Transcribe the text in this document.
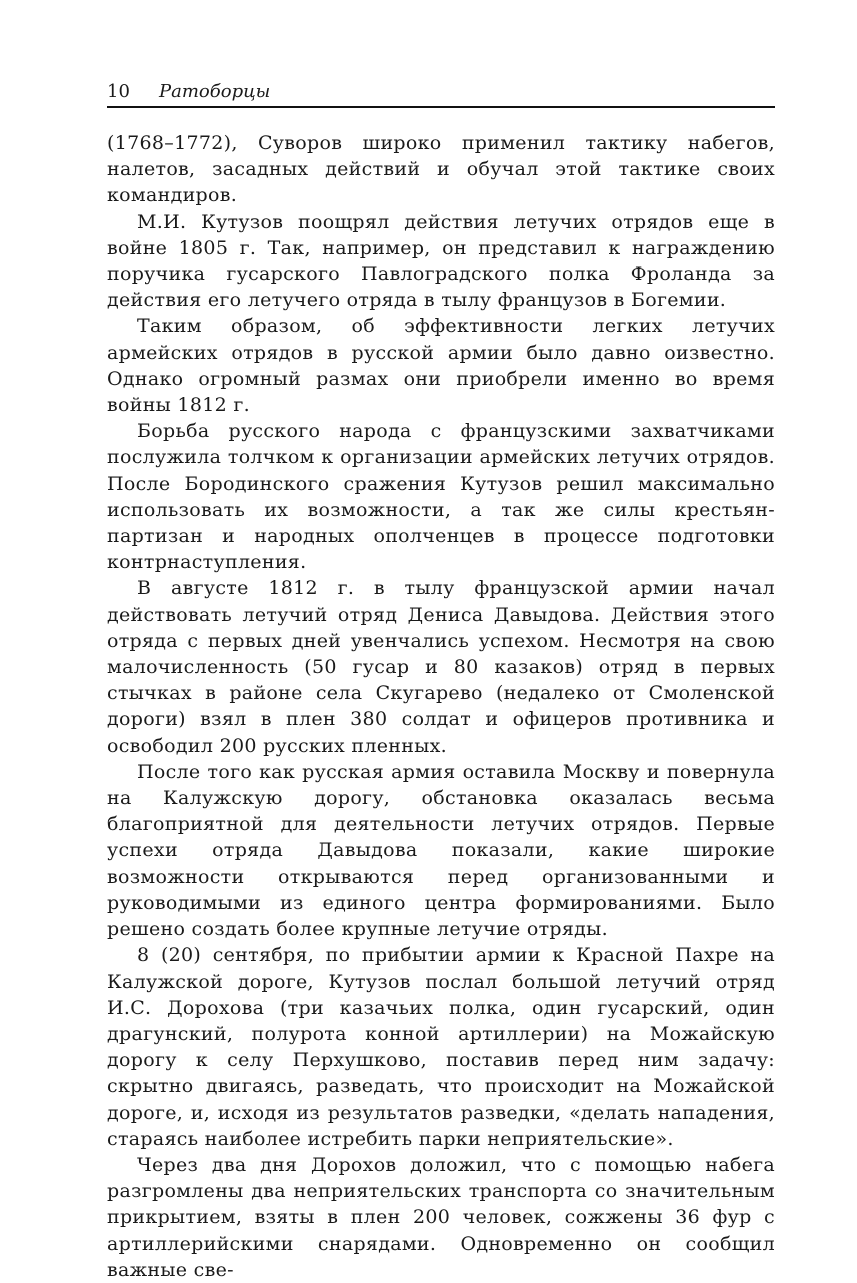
10 Ратоборцы

(1768–1772), Суворов широко применил тактику набегов, налетов, засадных действий и обучал этой тактике своих командиров.

М.И. Кутузов поощрял действия летучих отрядов еще в войне 1805 г. Так, например, он представил к награждению поручика гусарского Павлоградского полка Фроланда за действия его летучего отряда в тылу французов в Богемии.

Таким образом, об эффективности легких летучих армейских отрядов в русской армии было давно оизвестно. Однако огромный размах они приобрели именно во время войны 1812 г.

Борьба русского народа с французскими захватчиками послужила толчком к организации армейских летучих отрядов. После Бородинского сражения Кутузов решил максимально использовать их возможности, а так же силы крестьян-партизан и народных ополченцев в процессе подготовки контрнаступления.

В августе 1812 г. в тылу французской армии начал действовать летучий отряд Дениса Давыдова. Действия этого отряда с первых дней увенчались успехом. Несмотря на свою малочисленность (50 гусар и 80 казаков) отряд в первых стычках в районе села Скугарево (недалеко от Смоленской дороги) взял в плен 380 солдат и офицеров противника и освободил 200 русских пленных.

После того как русская армия оставила Москву и повернула на Калужскую дорогу, обстановка оказалась весьма благоприятной для деятельности летучих отрядов. Первые успехи отряда Давыдова показали, какие широкие возможности открываются перед организованными и руководимыми из единого центра формированиями. Было решено создать более крупные летучие отряды.

8 (20) сентября, по прибытии армии к Красной Пахре на Калужской дороге, Кутузов послал большой летучий отряд И.С. Дорохова (три казачьих полка, один гусарский, один драгунский, полурота конной артиллерии) на Можайскую дорогу к селу Перхушково, поставив перед ним задачу: скрытно двигаясь, разведать, что происходит на Можайской дороге, и, исходя из результатов разведки, «делать нападения, стараясь наиболее истребить парки неприятельские».

Через два дня Дорохов доложил, что с помощью набега разгромлены два неприятельских транспорта со значительным прикрытием, взяты в плен 200 человек, сожжены 36 фур с артиллерийскими снарядами. Одновременно он сообщил важные све-
